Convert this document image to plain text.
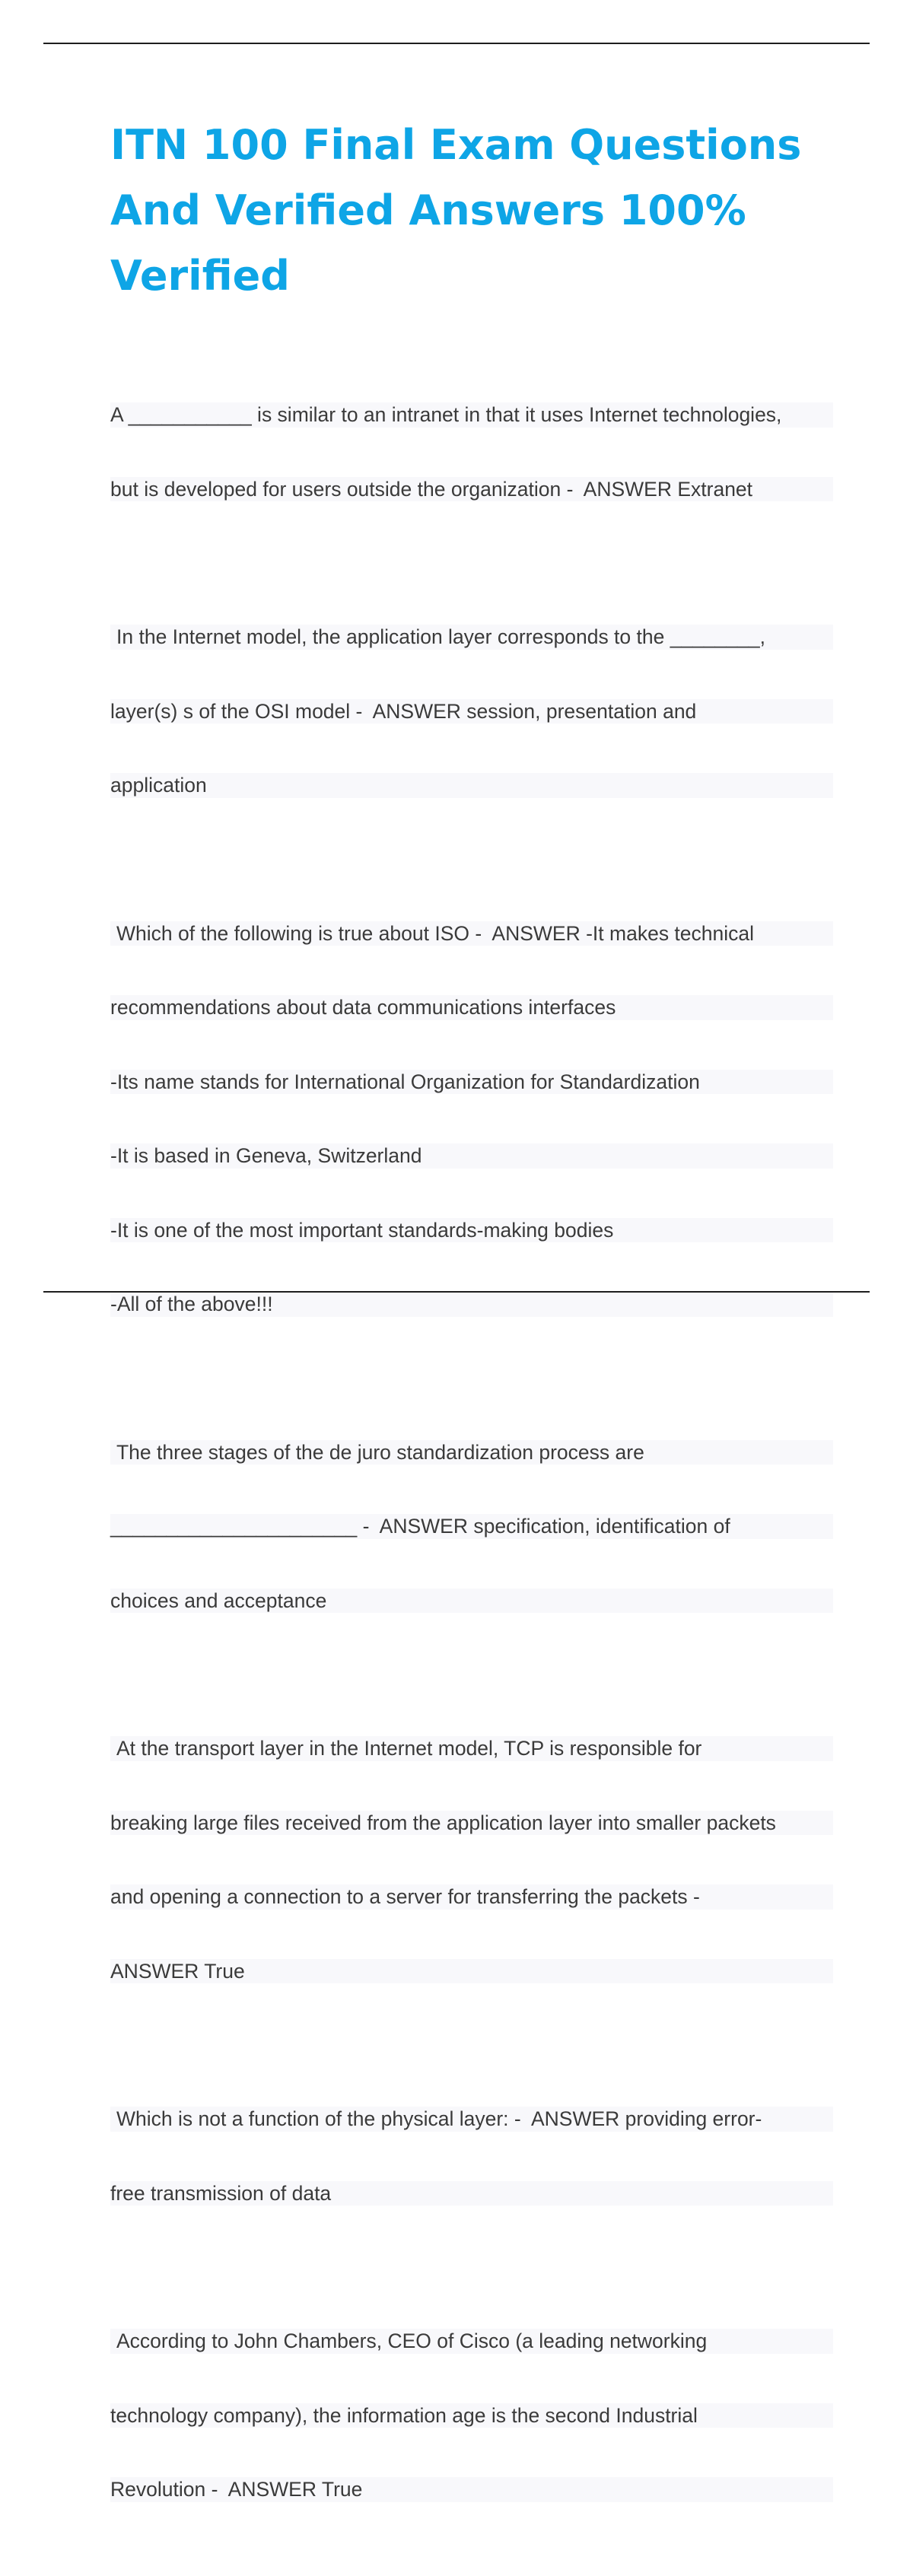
ITN 100 Final Exam Questions
And Verified Answers 100%
Verified

A ___________ is similar to an intranet in that it uses Internet technologies,

but is developed for users outside the organization -  ANSWER Extranet

In the Internet model, the application layer corresponds to the ________,

layer(s) s of the OSI model -  ANSWER session, presentation and

application

Which of the following is true about ISO -  ANSWER -It makes technical

recommendations about data communications interfaces

-Its name stands for International Organization for Standardization

-It is based in Geneva, Switzerland

-It is one of the most important standards-making bodies

-All of the above!!!

The three stages of the de juro standardization process are

______________________ -  ANSWER specification, identification of

choices and acceptance

At the transport layer in the Internet model, TCP is responsible for

breaking large files received from the application layer into smaller packets

and opening a connection to a server for transferring the packets -

ANSWER True

Which is not a function of the physical layer: -  ANSWER providing error-

free transmission of data

According to John Chambers, CEO of Cisco (a leading networking

technology company), the information age is the second Industrial

Revolution -  ANSWER True
